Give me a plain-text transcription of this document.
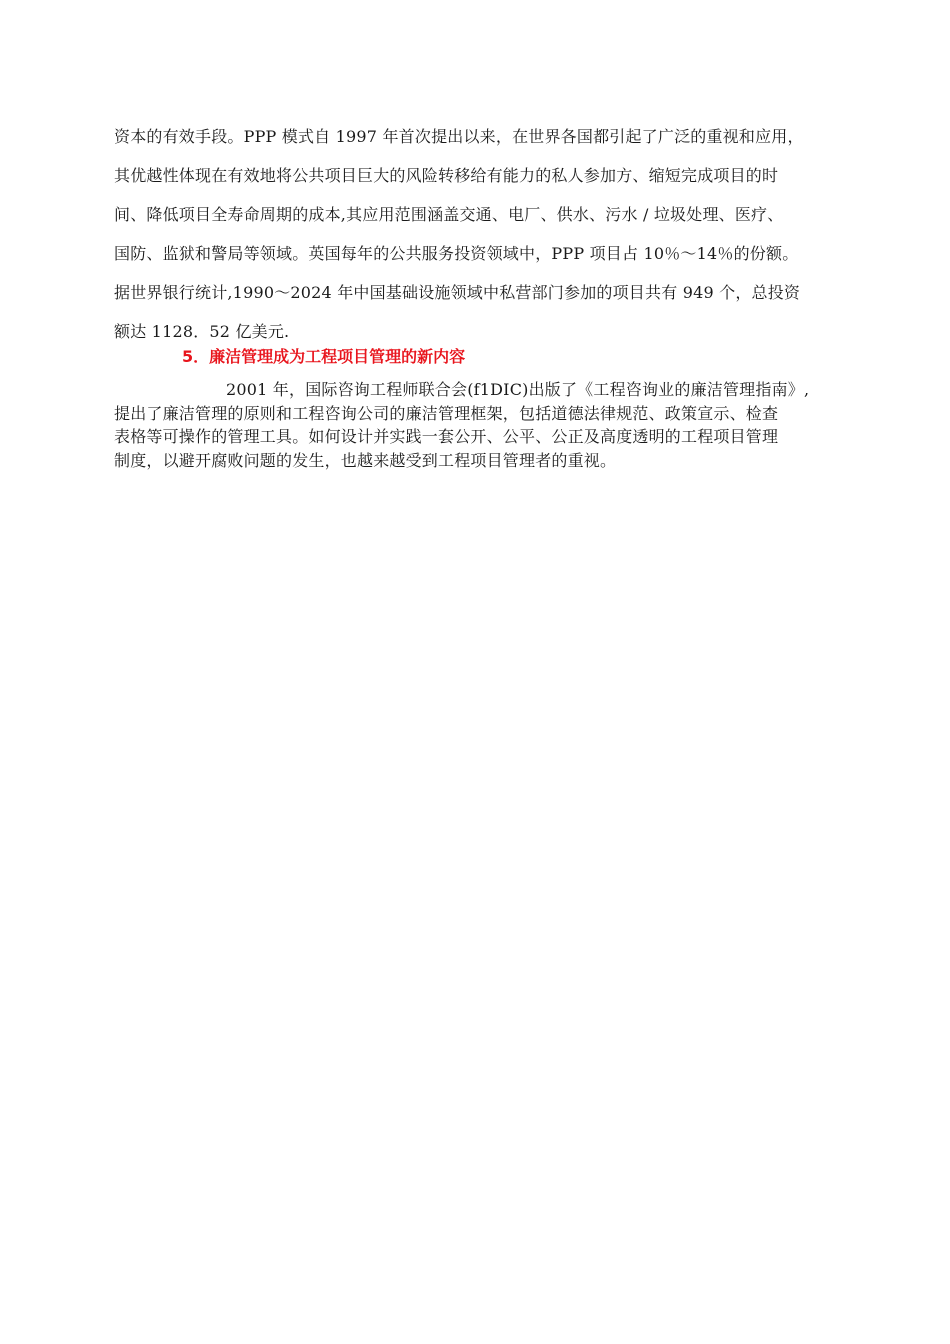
资本的有效手段。PPP 模式自 1997 年首次提出以来，在世界各国都引起了广泛的重视和应用，
其优越性体现在有效地将公共项目巨大的风险转移给有能力的私人参加方、缩短完成项目的时
间、降低项目全寿命周期的成本,其应用范围涵盖交通、电厂、供水、污水 / 垃圾处理、医疗、
国防、监狱和警局等领域。英国每年的公共服务投资领域中，PPP 项目占 10％～14％的份额。
据世界银行统计,1990～2024 年中国基础设施领域中私营部门参加的项目共有 949 个，总投资
额达 1128．52 亿美元.
5．廉洁管理成为工程项目管理的新内容
2001 年，国际咨询工程师联合会(f1DIC)出版了《工程咨询业的廉洁管理指南》,
提出了廉洁管理的原则和工程咨询公司的廉洁管理框架，包括道德法律规范、政策宣示、检查
表格等可操作的管理工具。如何设计并实践一套公开、公平、公正及高度透明的工程项目管理
制度，以避开腐败问题的发生，也越来越受到工程项目管理者的重视。
